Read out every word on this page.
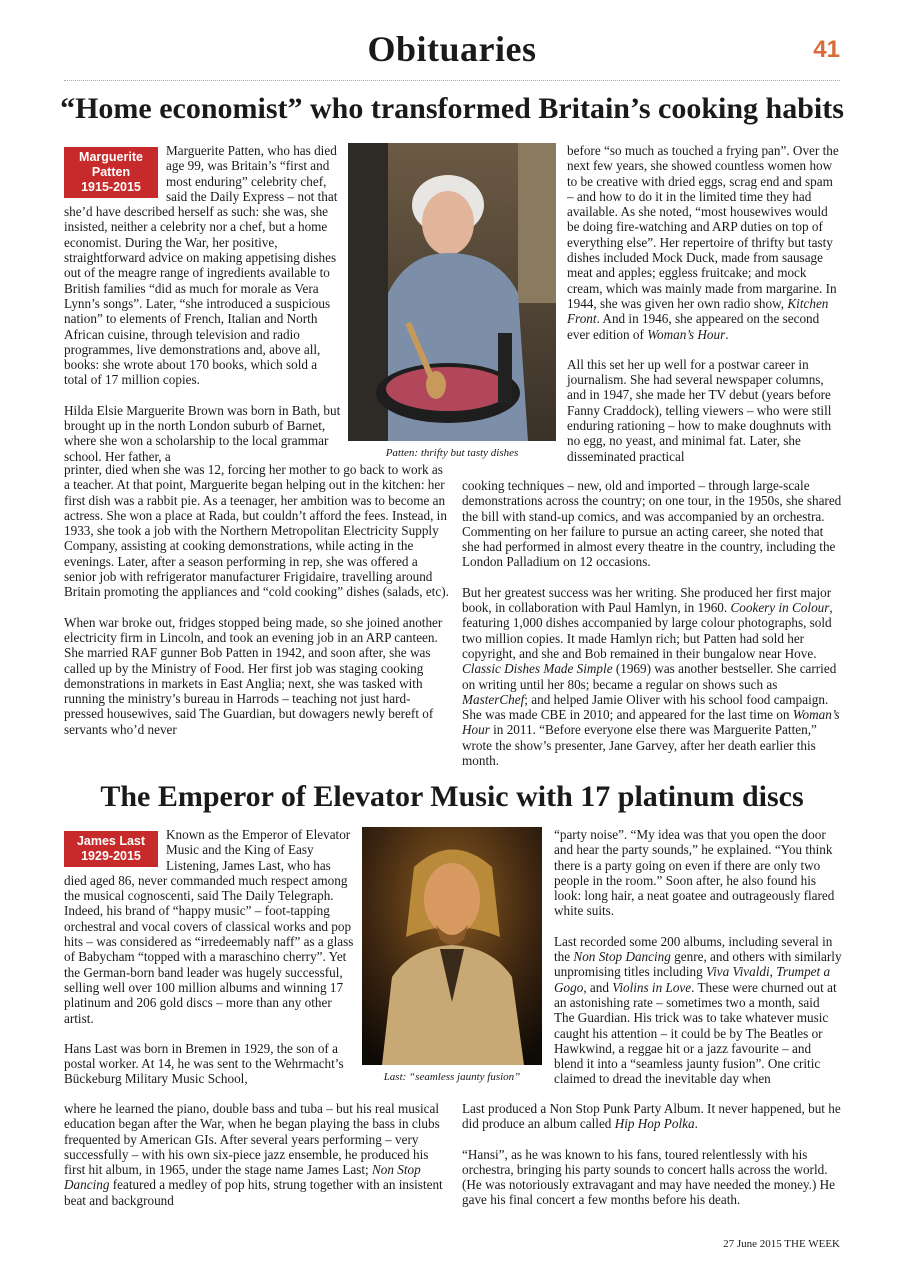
Obituaries	41
“Home economist” who transformed Britain’s cooking habits
Marguerite
Patten
1915-2015

Marguerite Patten, who has died age 99, was Britain’s “first and most enduring” celebrity chef, said the Daily Express – not that she’d have described herself as such: she was, she insisted, neither a celebrity nor a chef, but a home economist. During the War, her positive, straightforward advice on making appetising dishes out of the meagre range of ingredients available to British families “did as much for morale as Vera Lynn’s songs”. Later, “she introduced a suspicious nation” to elements of French, Italian and North African cuisine, through television and radio programmes, live demonstrations and, above all, books: she wrote about 170 books, which sold a total of 17 million copies.

Hilda Elsie Marguerite Brown was born in Bath, but brought up in the north London suburb of Barnet, where she won a scholarship to the local grammar school. Her father, a

printer, died when she was 12, forcing her mother to go back to work as a teacher. At that point, Marguerite began helping out in the kitchen: her first dish was a rabbit pie. As a teenager, her ambition was to become an actress. She won a place at Rada, but couldn’t afford the fees. Instead, in 1933, she took a job with the Northern Metropolitan Electricity Supply Company, assisting at cooking demonstrations, while acting in the evenings. Later, after a season performing in rep, she was offered a senior job with refrigerator manufacturer Frigidaire, travelling around Britain promoting the appliances and “cold cooking” dishes (salads, etc).

When war broke out, fridges stopped being made, so she joined another electricity firm in Lincoln, and took an evening job in an ARP canteen. She married RAF gunner Bob Patten in 1942, and soon after, she was called up by the Ministry of Food. Her first job was staging cooking demonstrations in markets in East Anglia; next, she was tasked with running the ministry’s bureau in Harrods – teaching not just hard-pressed housewives, said The Guardian, but dowagers newly bereft of servants who’d never

Patten: thrifty but tasty dishes

before “so much as touched a frying pan”. Over the next few years, she showed countless women how to be creative with dried eggs, scrag end and spam – and how to do it in the limited time they had available. As she noted, “most housewives would be doing fire-watching and ARP duties on top of everything else”. Her repertoire of thrifty but tasty dishes included Mock Duck, made from sausage meat and apples; eggless fruitcake; and mock cream, which was mainly made from margarine. In 1944, she was given her own radio show, Kitchen Front. And in 1946, she appeared on the second ever edition of Woman’s Hour.

All this set her up well for a postwar career in journalism. She had several newspaper columns, and in 1947, she made her TV debut (years before Fanny Craddock), telling viewers – who were still enduring rationing – how to make doughnuts with no egg, no yeast, and minimal fat. Later, she disseminated practical

cooking techniques – new, old and imported – through large-scale demonstrations across the country; on one tour, in the 1950s, she shared the bill with stand-up comics, and was accompanied by an orchestra. Commenting on her failure to pursue an acting career, she noted that she had performed in almost every theatre in the country, including the London Palladium on 12 occasions.

But her greatest success was her writing. She produced her first major book, in collaboration with Paul Hamlyn, in 1960. Cookery in Colour, featuring 1,000 dishes accompanied by large colour photographs, sold two million copies. It made Hamlyn rich; but Patten had sold her copyright, and she and Bob remained in their bungalow near Hove. Classic Dishes Made Simple (1969) was another bestseller. She carried on writing until her 80s; became a regular on shows such as MasterChef; and helped Jamie Oliver with his school food campaign. She was made CBE in 2010; and appeared for the last time on Woman’s Hour in 2011. “Before everyone else there was Marguerite Patten,” wrote the show’s presenter, Jane Garvey, after her death earlier this month.

The Emperor of Elevator Music with 17 platinum discs
James Last
1929-2015

Known as the Emperor of Elevator Music and the King of Easy Listening, James Last, who has died aged 86, never commanded much respect among the musical cognoscenti, said The Daily Telegraph. Indeed, his brand of “happy music” – foot-tapping orchestral and vocal covers of classical works and pop hits – was considered as “irredeemably naff” as a glass of Babycham “topped with a maraschino cherry”. Yet the German-born band leader was hugely successful, selling well over 100 million albums and winning 17 platinum and 206 gold discs – more than any other artist.

Hans Last was born in Bremen in 1929, the son of a postal worker. At 14, he was sent to the Wehrmacht’s Bückeburg Military Music School,

where he learned the piano, double bass and tuba – but his real musical education began after the War, when he began playing the bass in clubs frequented by American GIs. After several years performing – very successfully – with his own six-piece jazz ensemble, he produced his first hit album, in 1965, under the stage name James Last; Non Stop Dancing featured a medley of pop hits, strung together with an insistent beat and background

Last: “seamless jaunty fusion”

“party noise”. “My idea was that you open the door and hear the party sounds,” he explained. “You think there is a party going on even if there are only two people in the room.” Soon after, he also found his look: long hair, a neat goatee and outrageously flared white suits.

Last recorded some 200 albums, including several in the Non Stop Dancing genre, and others with similarly unpromising titles including Viva Vivaldi, Trumpet a Gogo, and Violins in Love. These were churned out at an astonishing rate – sometimes two a month, said The Guardian. His trick was to take whatever music caught his attention – it could be by The Beatles or Hawkwind, a reggae hit or a jazz favourite – and blend it into a “seamless jaunty fusion”. One critic claimed to dread the inevitable day when

Last produced a Non Stop Punk Party Album. It never happened, but he did produce an album called Hip Hop Polka.

“Hansi”, as he was known to his fans, toured relentlessly with his orchestra, bringing his party sounds to concert halls across the world. (He was notoriously extravagant and may have needed the money.) He gave his final concert a few months before his death.

27 June 2015 THE WEEK
